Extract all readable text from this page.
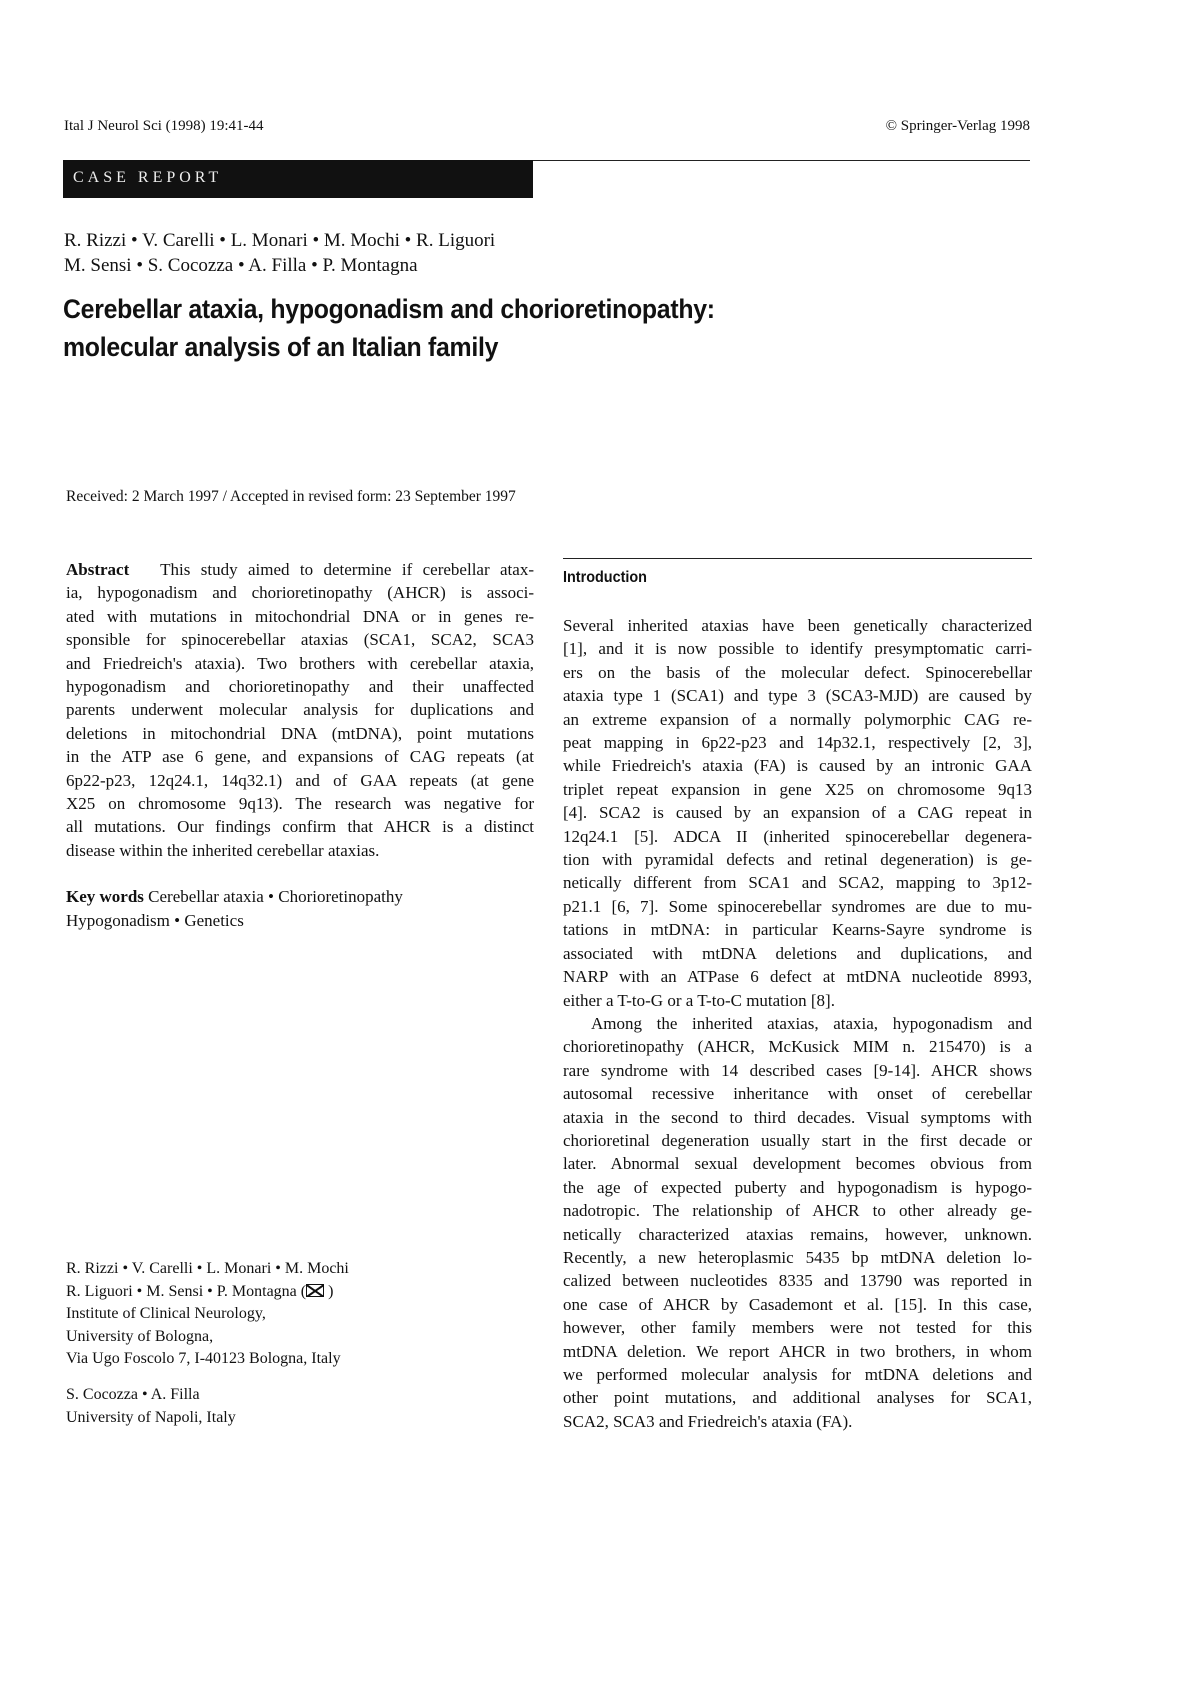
Ital J Neurol Sci (1998) 19:41-44	© Springer-Verlag 1998
CASE REPORT
R. Rizzi • V. Carelli • L. Monari • M. Mochi • R. Liguori
M. Sensi • S. Cocozza • A. Filla • P. Montagna
Cerebellar ataxia, hypogonadism and chorioretinopathy:
molecular analysis of an Italian family
Received: 2 March 1997 / Accepted in revised form: 23 September 1997
Abstract This study aimed to determine if cerebellar atax-
ia, hypogonadism and chorioretinopathy (AHCR) is associ-
ated with mutations in mitochondrial DNA or in genes re-
sponsible for spinocerebellar ataxias (SCA1, SCA2, SCA3
and Friedreich's ataxia). Two brothers with cerebellar ataxia,
hypogonadism and chorioretinopathy and their unaffected
parents underwent molecular analysis for duplications and
deletions in mitochondrial DNA (mtDNA), point mutations
in the ATP ase 6 gene, and expansions of CAG repeats (at
6p22-p23, 12q24.1, 14q32.1) and of GAA repeats (at gene
X25 on chromosome 9q13). The research was negative for
all mutations. Our findings confirm that AHCR is a distinct
disease within the inherited cerebellar ataxias.
Key words Cerebellar ataxia • Chorioretinopathy
Hypogonadism • Genetics
R. Rizzi • V. Carelli • L. Monari • M. Mochi
R. Liguori • M. Sensi • P. Montagna ( )
Institute of Clinical Neurology,
University of Bologna,
Via Ugo Foscolo 7, I-40123 Bologna, Italy
S. Cocozza • A. Filla
University of Napoli, Italy
Introduction
Several inherited ataxias have been genetically characterized
[1], and it is now possible to identify presymptomatic carri-
ers on the basis of the molecular defect. Spinocerebellar
ataxia type 1 (SCA1) and type 3 (SCA3-MJD) are caused by
an extreme expansion of a normally polymorphic CAG re-
peat mapping in 6p22-p23 and 14p32.1, respectively [2, 3],
while Friedreich's ataxia (FA) is caused by an intronic GAA
triplet repeat expansion in gene X25 on chromosome 9q13
[4]. SCA2 is caused by an expansion of a CAG repeat in
12q24.1 [5]. ADCA II (inherited spinocerebellar degenera-
tion with pyramidal defects and retinal degeneration) is ge-
netically different from SCA1 and SCA2, mapping to 3p12-
p21.1 [6, 7]. Some spinocerebellar syndromes are due to mu-
tations in mtDNA: in particular Kearns-Sayre syndrome is
associated with mtDNA deletions and duplications, and
NARP with an ATPase 6 defect at mtDNA nucleotide 8993,
either a T-to-G or a T-to-C mutation [8].
Among the inherited ataxias, ataxia, hypogonadism and
chorioretinopathy (AHCR, McKusick MIM n. 215470) is a
rare syndrome with 14 described cases [9-14]. AHCR shows
autosomal recessive inheritance with onset of cerebellar
ataxia in the second to third decades. Visual symptoms with
chorioretinal degeneration usually start in the first decade or
later. Abnormal sexual development becomes obvious from
the age of expected puberty and hypogonadism is hypogo-
nadotropic. The relationship of AHCR to other already ge-
netically characterized ataxias remains, however, unknown.
Recently, a new heteroplasmic 5435 bp mtDNA deletion lo-
calized between nucleotides 8335 and 13790 was reported in
one case of AHCR by Casademont et al. [15]. In this case,
however, other family members were not tested for this
mtDNA deletion. We report AHCR in two brothers, in whom
we performed molecular analysis for mtDNA deletions and
other point mutations, and additional analyses for SCA1,
SCA2, SCA3 and Friedreich's ataxia (FA).
